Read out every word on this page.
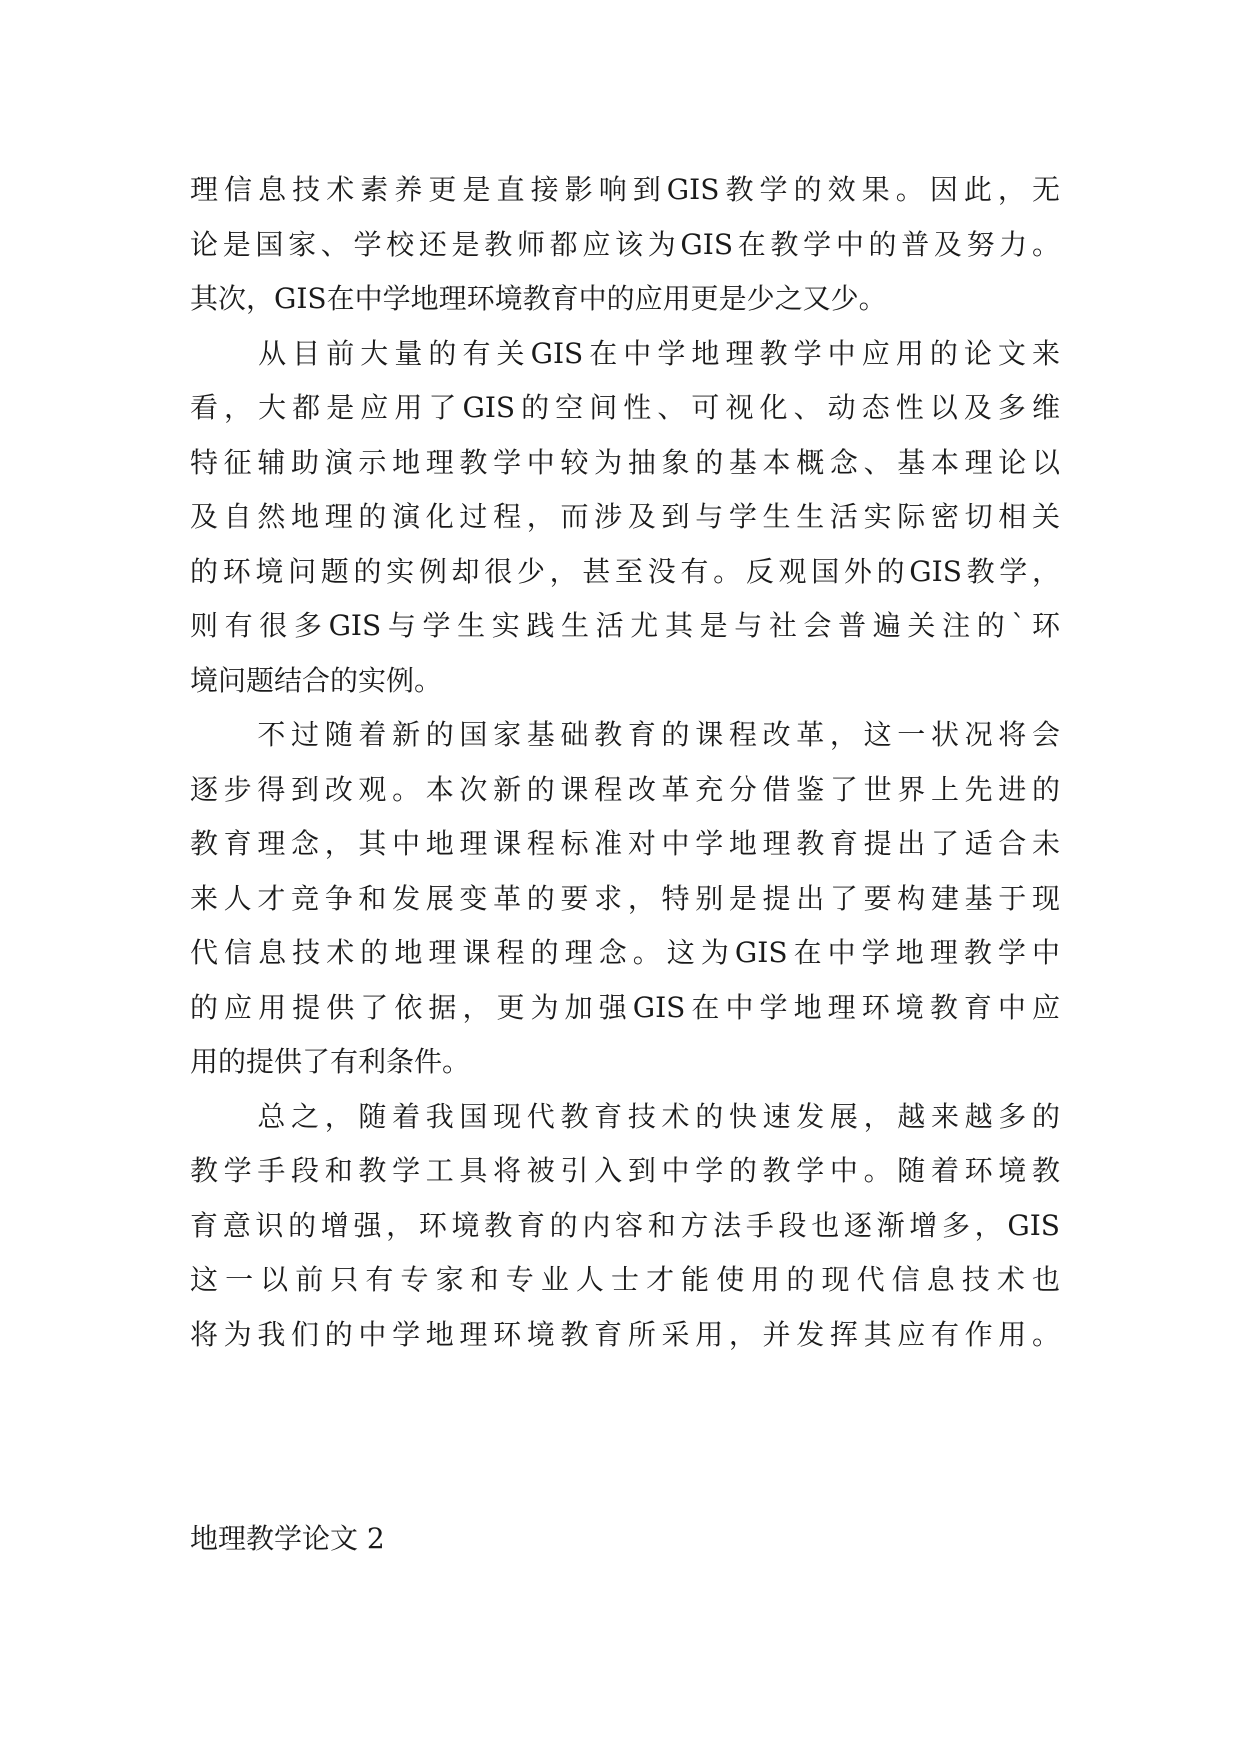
理信息技术素养更是直接影响到GIS教学的效果。因此，无
论是国家、学校还是教师都应该为GIS在教学中的普及努力。
其次，GIS在中学地理环境教育中的应用更是少之又少。
　　从目前大量的有关GIS在中学地理教学中应用的论文来
看，大都是应用了GIS的空间性、可视化、动态性以及多维
特征辅助演示地理教学中较为抽象的基本概念、基本理论以
及自然地理的演化过程，而涉及到与学生生活实际密切相关
的环境问题的实例却很少，甚至没有。反观国外的GIS教学，
则有很多GIS与学生实践生活尤其是与社会普遍关注的`环
境问题结合的实例。
　　不过随着新的国家基础教育的课程改革，这一状况将会
逐步得到改观。本次新的课程改革充分借鉴了世界上先进的
教育理念，其中地理课程标准对中学地理教育提出了适合未
来人才竞争和发展变革的要求，特别是提出了要构建基于现
代信息技术的地理课程的理念。这为GIS在中学地理教学中
的应用提供了依据，更为加强GIS在中学地理环境教育中应
用的提供了有利条件。
　　总之，随着我国现代教育技术的快速发展，越来越多的
教学手段和教学工具将被引入到中学的教学中。随着环境教
育意识的增强，环境教育的内容和方法手段也逐渐增多，GIS
这一以前只有专家和专业人士才能使用的现代信息技术也
将为我们的中学地理环境教育所采用，并发挥其应有作用。
地理教学论文 2
